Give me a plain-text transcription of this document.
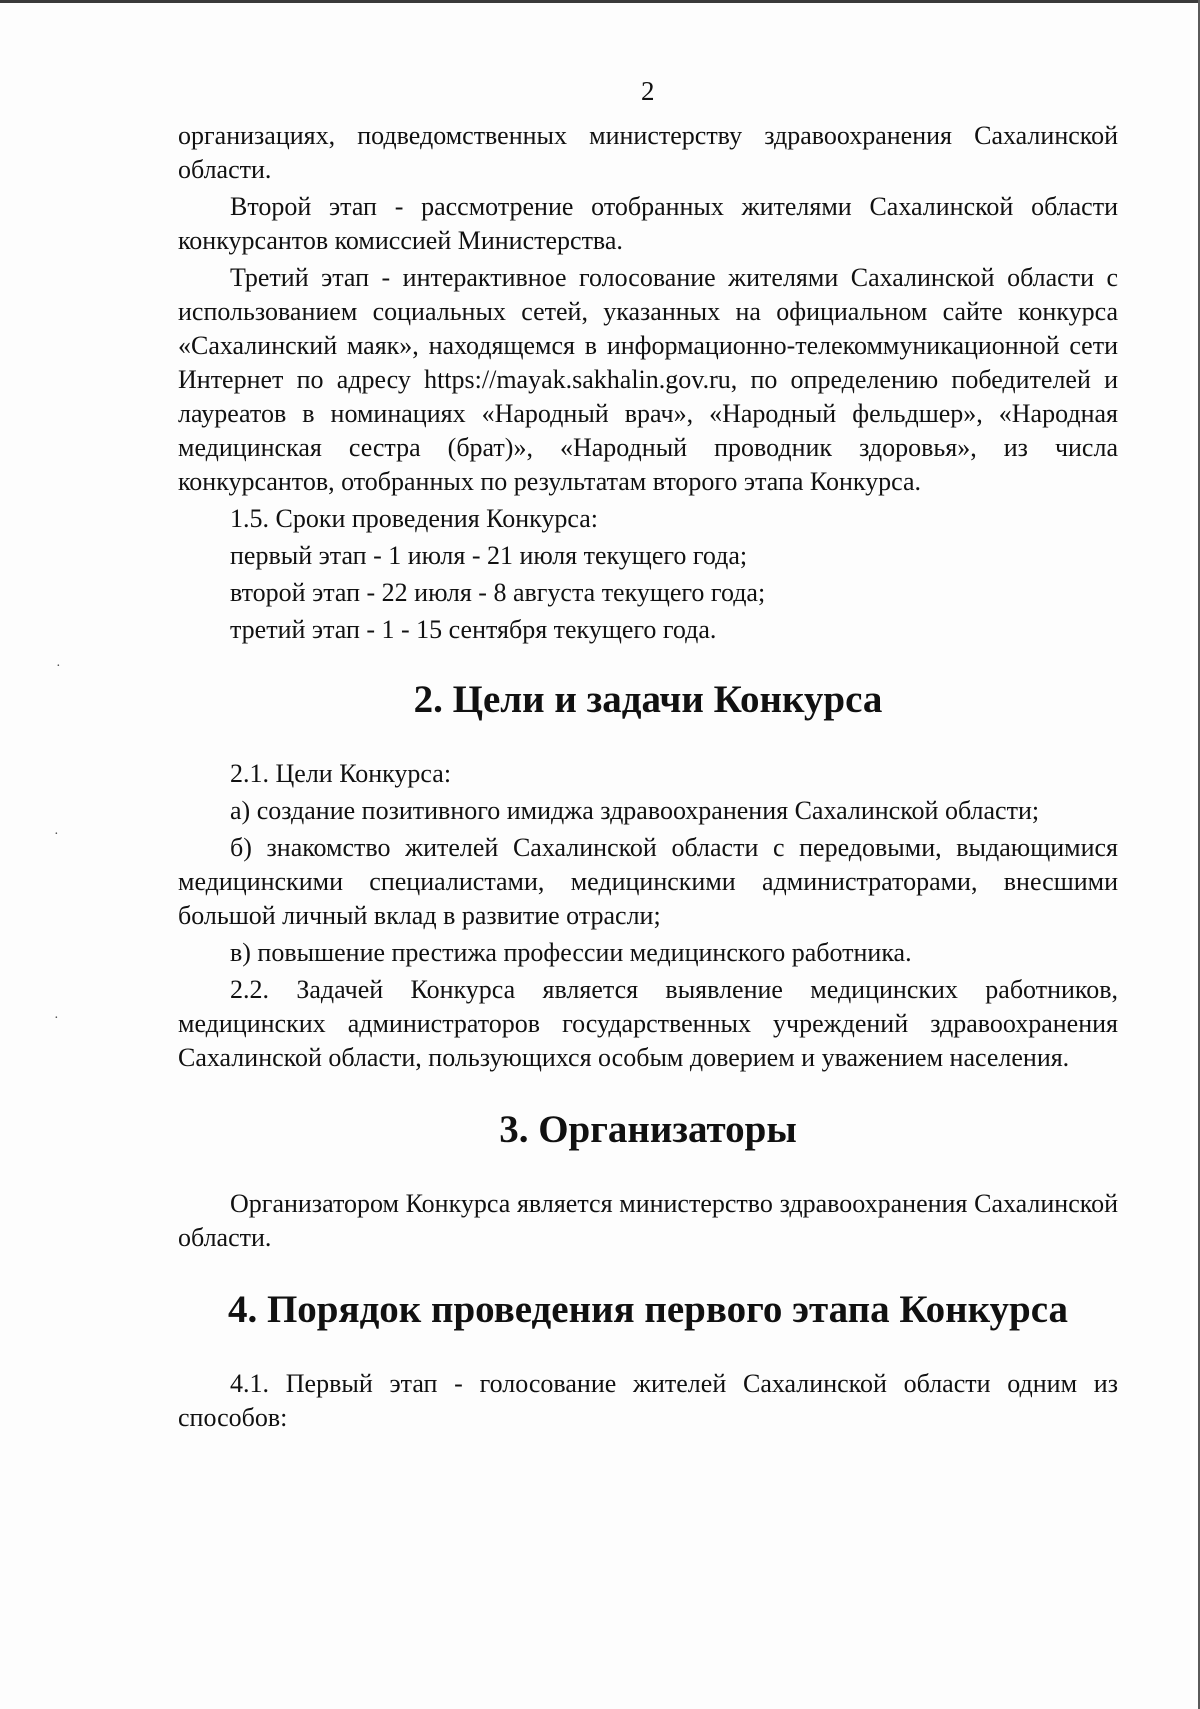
·
·
·
2

организациях, подведомственных министерству здравоохранения Сахалинской области.

Второй этап - рассмотрение отобранных жителями Сахалинской области конкурсантов комиссией Министерства.

Третий этап - интерактивное голосование жителями Сахалинской области с использованием социальных сетей, указанных на официальном сайте конкурса «Сахалинский маяк», находящемся в информационно-телекоммуникационной сети Интернет по адресу https://mayak.sakhalin.gov.ru, по определению победителей и лауреатов в номинациях «Народный врач», «Народный фельдшер», «Народная медицинская сестра (брат)», «Народный проводник здоровья», из числа конкурсантов, отобранных по результатам второго этапа Конкурса.

1.5. Сроки проведения Конкурса:

первый этап - 1 июля - 21 июля текущего года;

второй этап - 22 июля - 8 августа текущего года;

третий этап - 1 - 15 сентября текущего года.

2. Цели и задачи Конкурса

2.1. Цели Конкурса:

а) создание позитивного имиджа здравоохранения Сахалинской области;

б) знакомство жителей Сахалинской области с передовыми, выдающимися медицинскими специалистами, медицинскими администраторами, внесшими большой личный вклад в развитие отрасли;

в) повышение престижа профессии медицинского работника.

2.2. Задачей Конкурса является выявление медицинских работников, медицинских администраторов государственных учреждений здравоохранения Сахалинской области, пользующихся особым доверием и уважением населения.

3. Организаторы

Организатором Конкурса является министерство здравоохранения Сахалинской области.

4. Порядок проведения первого этапа Конкурса

4.1. Первый этап - голосование жителей Сахалинской области одним из способов:
